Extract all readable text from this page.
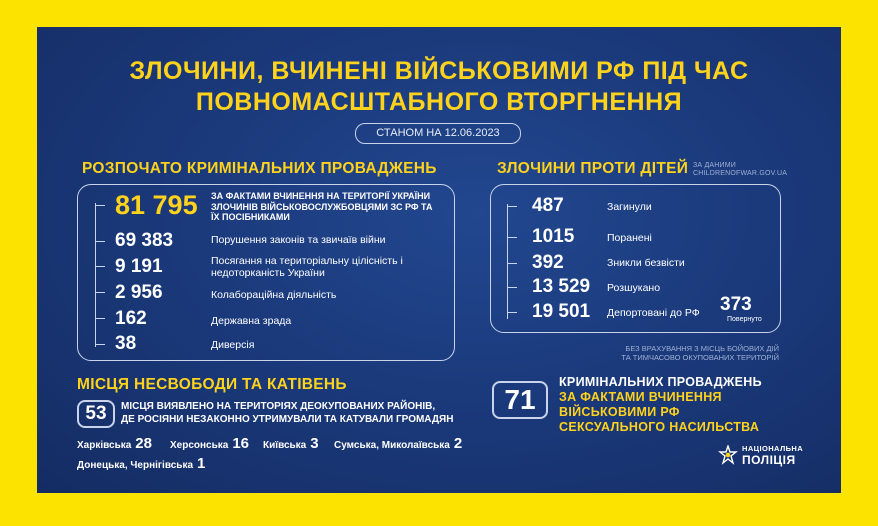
ЗЛОЧИНИ, ВЧИНЕНІ ВІЙСЬКОВИМИ РФ ПІД ЧАС
ПОВНОМАСШТАБНОГО ВТОРГНЕННЯ
СТАНОМ НА 12.06.2023
РОЗПОЧАТО КРИМІНАЛЬНИХ ПРОВАДЖЕНЬ
81 795 ЗА ФАКТАМИ ВЧИНЕННЯ НА ТЕРИТОРІЇ УКРАЇНИ ЗЛОЧИНІВ ВІЙСЬКОВОСЛУЖБОВЦЯМИ ЗС РФ ТА ЇХ ПОСІБНИКАМИ
69 383	Порушення законів та звичаїв війни
9 191	Посягання на територіальну цілісність і недоторканість України
2 956	Колабораційна діяльність
162	Державна зрада
38	Диверсія
ЗЛОЧИНИ ПРОТИ ДІТЕЙ ЗА ДАНИМИ
CHILDRENOFWAR.GOV.UA
487	Загинули
1015	Поранені
392	Зникли безвісти
13 529 Розшукано
19 501 Депортовані до РФ 373
Повернуто
БЕЗ ВРАХУВАННЯ З МІСЦЬ БОЙОВИХ ДІЙ
ТА ТИМЧАСОВО ОКУПОВАНИХ ТЕРИТОРІЙ
МІСЦЯ НЕСВОБОДИ ТА КАТІВЕНЬ
53	МІСЦЯ ВИЯВЛЕНО НА ТЕРИТОРІЯХ ДЕОКУПОВАНИХ РАЙОНІВ,
ДЕ РОСІЯНИ НЕЗАКОННО УТРИМУВАЛИ ТА КАТУВАЛИ ГРОМАДЯН
Харківська 28 Херсонська 16 Київська 3 Сумська, Миколаївська 2
Донецька, Чернігівська 1
71
КРИМІНАЛЬНИХ ПРОВАДЖЕНЬ
ЗА ФАКТАМИ ВЧИНЕННЯ
ВІЙСЬКОВИМИ РФ
СЕКСУАЛЬНОГО НАСИЛЬСТВА
НАЦІОНАЛЬНА
ПОЛІЦІЯ
